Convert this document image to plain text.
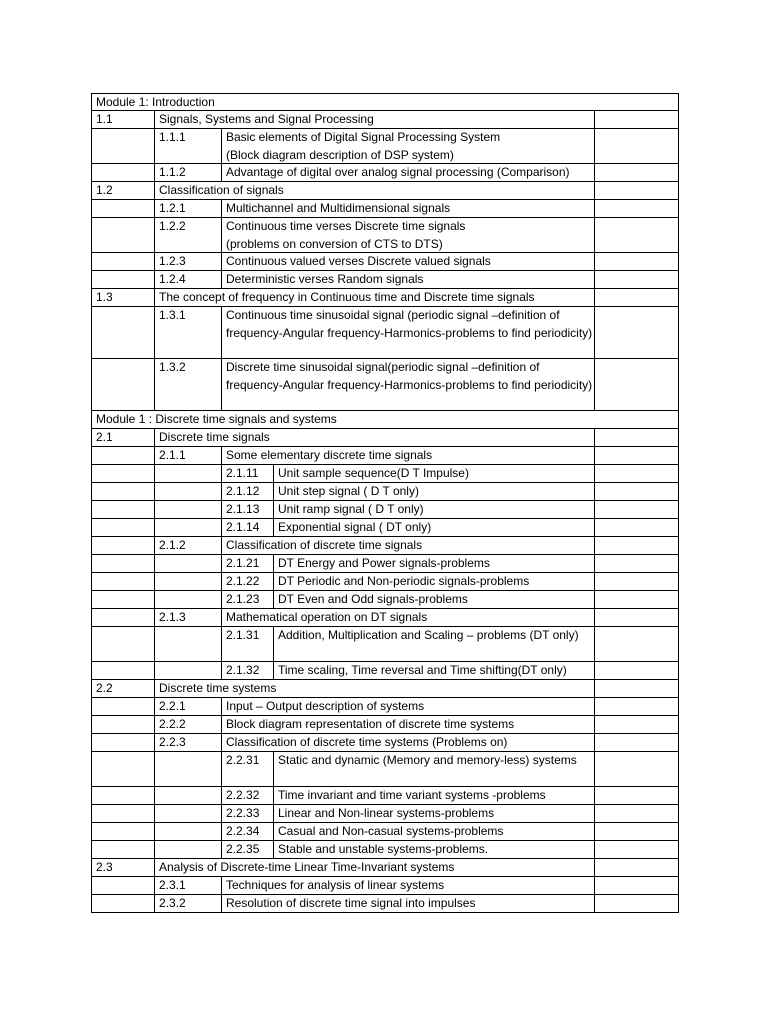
Module 1: Introduction
1.1	Signals, Systems and Signal Processing
1.1.1	Basic elements of Digital Signal Processing System
(Block diagram description of DSP system)
1.1.2	Advantage of digital over analog signal processing (Comparison)
1.2	Classification of signals
1.2.1	Multichannel and Multidimensional signals
1.2.2	Continuous time verses Discrete time signals
(problems on conversion of CTS to DTS)
1.2.3	Continuous valued verses Discrete valued signals
1.2.4	Deterministic verses Random signals
1.3	The concept of frequency in Continuous time and Discrete time signals
1.3.1	Continuous time sinusoidal signal (periodic signal –definition of frequency-Angular frequency-Harmonics-problems to find periodicity)
1.3.2	Discrete time sinusoidal signal(periodic signal –definition of frequency-Angular frequency-Harmonics-problems to find periodicity)
Module 1 : Discrete time signals and systems
2.1	Discrete time signals
2.1.1	Some elementary discrete time signals
2.1.11	Unit sample sequence(D T Impulse)
2.1.12	Unit step signal ( D T only)
2.1.13	Unit ramp signal ( D T only)
2.1.14	Exponential signal ( DT only)
2.1.2	Classification of discrete time signals
2.1.21	DT Energy and Power signals-problems
2.1.22	DT Periodic and Non-periodic signals-problems
2.1.23	DT Even and Odd signals-problems
2.1.3	Mathematical operation on DT signals
2.1.31	Addition, Multiplication and Scaling – problems (DT only)
2.1.32	Time scaling, Time reversal and Time shifting(DT only)
2.2	Discrete time systems
2.2.1	Input – Output description of systems
2.2.2	Block diagram representation of discrete time systems
2.2.3	Classification of discrete time systems (Problems on)
2.2.31	Static and dynamic (Memory and memory-less) systems
2.2.32	Time invariant and time variant systems -problems
2.2.33	Linear and Non-linear systems-problems
2.2.34	Casual and Non-casual systems-problems
2.2.35	Stable and unstable systems-problems.
2.3	Analysis of Discrete-time Linear Time-Invariant systems
2.3.1	Techniques for analysis of linear systems
2.3.2	Resolution of discrete time signal into impulses
